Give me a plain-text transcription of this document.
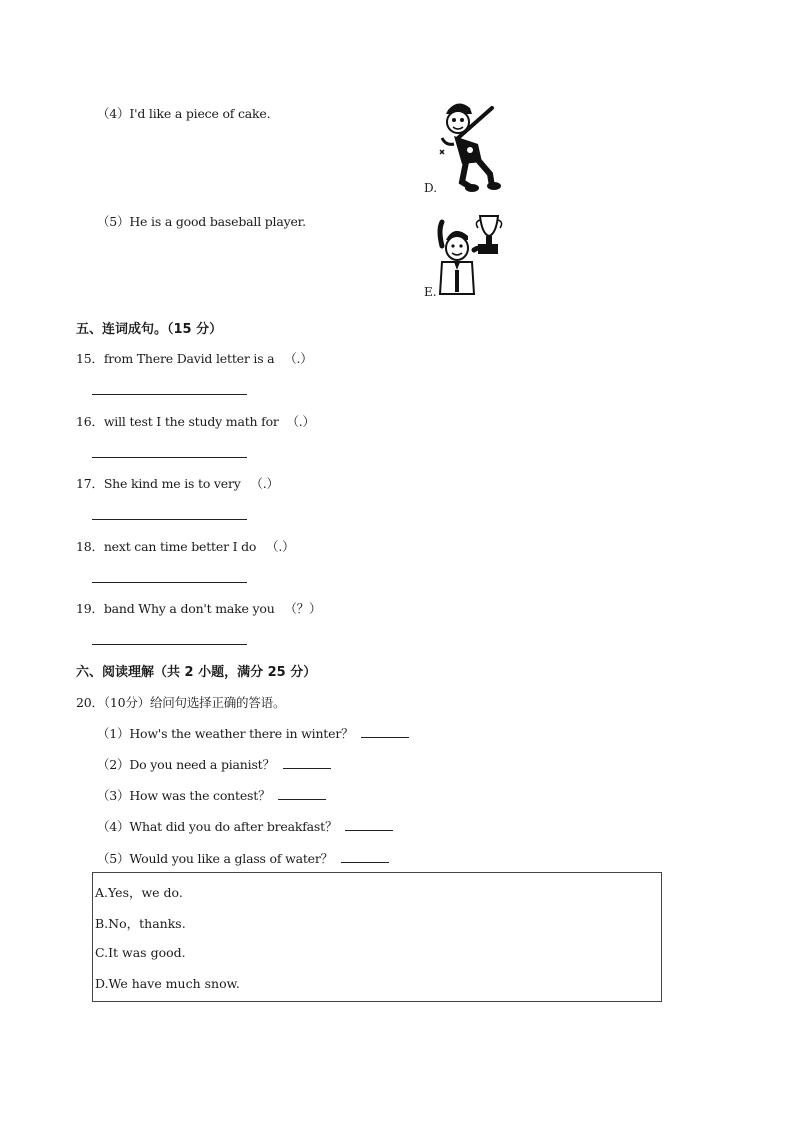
（4）I'd like a piece of cake.
D.
（5）He is a good baseball player.
E.
五、连词成句。（15 分）
15．from There David letter is a （.）
16．will test I the study math for （.）
17．She kind me is to very （.）
18．next can time better I do （.）
19．band Why a don't make you （？）
六、阅读理解（共 2 小题，满分 25 分）
20．（10分）给问句选择正确的答语。
（1）How's the weather there in winter？
（2）Do you need a pianist？
（3）How was the contest？
（4）What did you do after breakfast？
（5）Would you like a glass of water？
A.Yes，we do.
B.No，thanks.
C.It was good.
D.We have much snow.
